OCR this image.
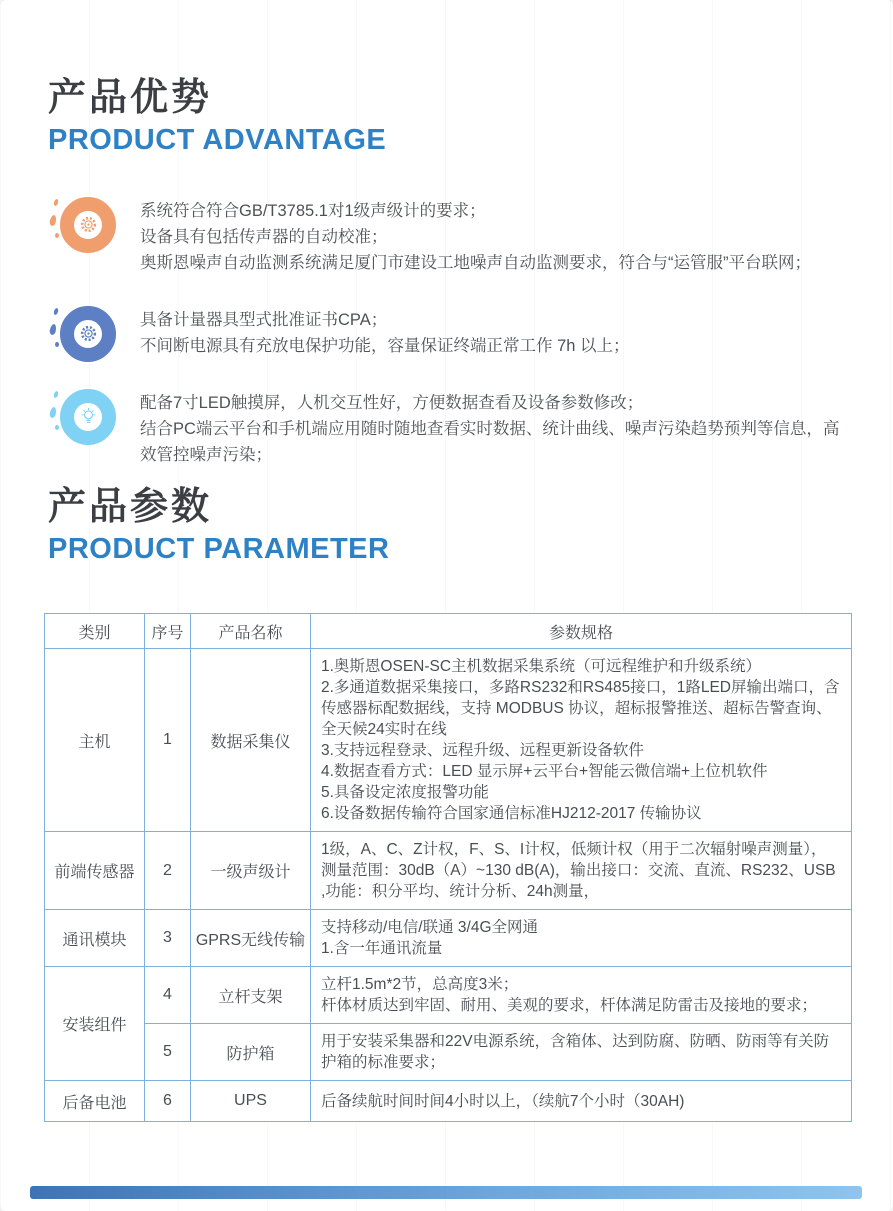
产品优势
PRODUCT ADVANTAGE
系统符合符合GB/T3785.1对1级声级计的要求；
设备具有包括传声器的自动校准；
奥斯恩噪声自动监测系统满足厦门市建设工地噪声自动监测要求，符合与“运管服”平台联网；
具备计量器具型式批准证书CPA；
不间断电源具有充放电保护功能，容量保证终端正常工作 7h 以上；
配备7寸LED触摸屏，人机交互性好，方便数据查看及设备参数修改；
结合PC端云平台和手机端应用随时随地查看实时数据、统计曲线、噪声污染趋势预判等信息，高效管控噪声污染；
产品参数
PRODUCT PARAMETER
类别	序号	产品名称	参数规格
主机	1	数据采集仪	
1.奥斯恩OSEN-SC主机数据采集系统（可远程维护和升级系统）
2.多通道数据采集接口，多路RS232和RS485接口，1路LED屏输出端口，含传感器标配数据线，支持 MODBUS 协议，超标报警推送、超标告警查询、全天候24实时在线
3.支持远程登录、远程升级、远程更新设备软件
4.数据查看方式：LED 显示屏+云平台+智能云微信端+上位机软件
5.具备设定浓度报警功能
6.设备数据传输符合国家通信标准HJ212-2017 传输协议

前端传感器	2	一级声级计	1级，A、C、Z计权，F、S、I计权，低频计权（用于二次辐射噪声测量），测量范围：30dB（A）~130 dB(A)，输出接口：交流、直流、RS232、USB ,功能：积分平均、统计分析、24h测量，

通讯模块	3	GPRS无线传输	支持移动/电信/联通 3/4G全网通
1.含一年通讯流量

安装组件	4	立杆支架	立杆1.5m*2节，总高度3米；
杆体材质达到牢固、耐用、美观的要求，杆体满足防雷击及接地的要求；

	5	防护箱	用于安装采集器和22V电源系统，含箱体、达到防腐、防晒、防雨等有关防护箱的标准要求；

后备电池	6	UPS	后备续航时间时间4小时以上，（续航7个小时（30AH)
